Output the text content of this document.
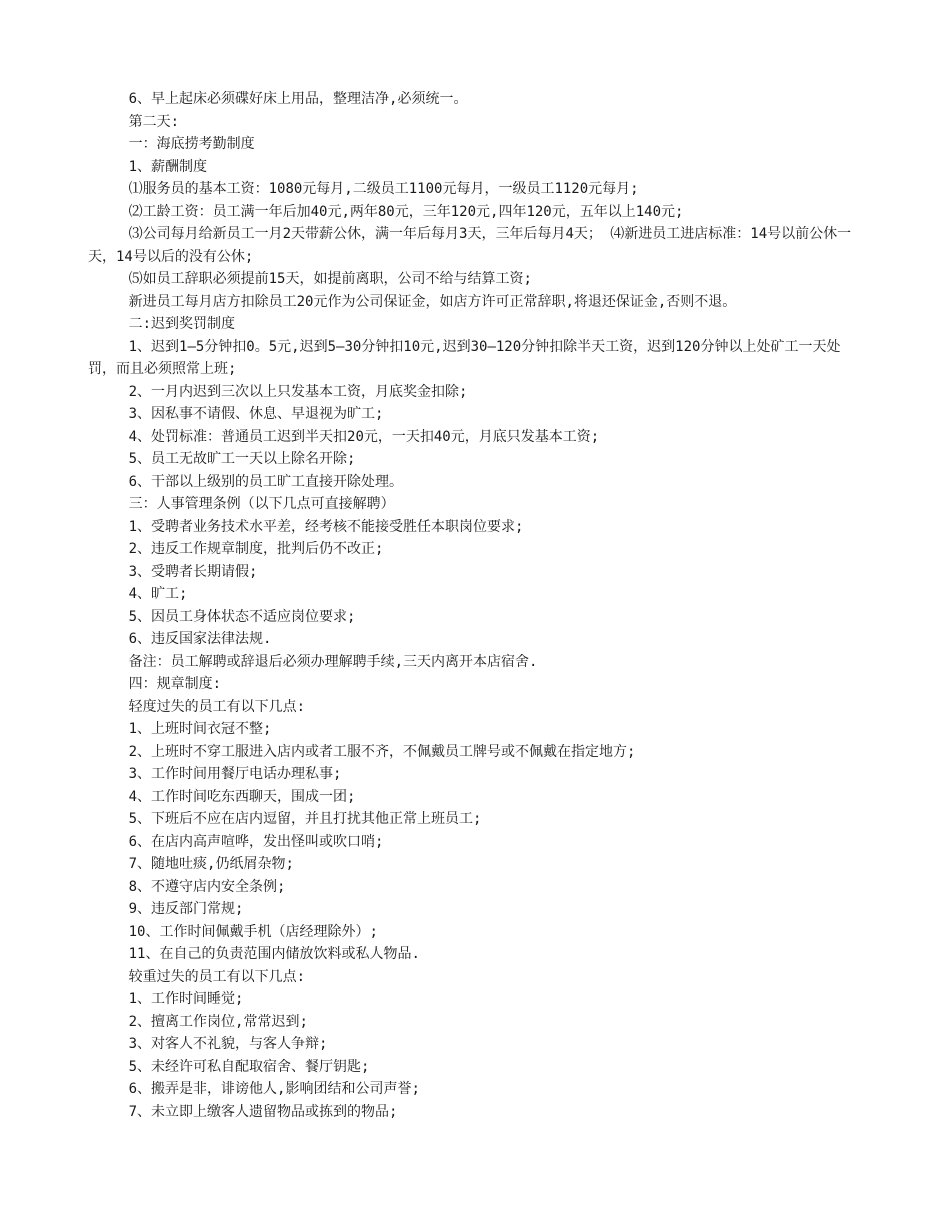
6、早上起床必须碟好床上用品，整理洁净,必须统一。

第二天:

一：海底捞考勤制度

1、薪酬制度

⑴服务员的基本工资：1080元每月,二级员工1100元每月，一级员工1120元每月;

⑵工龄工资：员工满一年后加40元,两年80元，三年120元,四年120元，五年以上140元;

⑶公司每月给新员工一月2天带薪公休，满一年后每月3天，三年后每月4天； ⑷新进员工进店标准：14号以前公休一天，14号以后的没有公休;

⑸如员工辞职必须提前15天，如提前离职，公司不给与结算工资;

新进员工每月店方扣除员工20元作为公司保证金，如店方许可正常辞职,将退还保证金,否则不退。

二:迟到奖罚制度

1、迟到1—5分钟扣0。5元,迟到5—30分钟扣10元,迟到30—120分钟扣除半天工资，迟到120分钟以上处矿工一天处罚，而且必须照常上班;

2、一月内迟到三次以上只发基本工资，月底奖金扣除;

3、因私事不请假、休息、早退视为旷工;

4、处罚标准：普通员工迟到半天扣20元，一天扣40元，月底只发基本工资;

5、员工无故旷工一天以上除名开除;

6、干部以上级别的员工旷工直接开除处理。

三：人事管理条例（以下几点可直接解聘）

1、受聘者业务技术水平差，经考核不能接受胜任本职岗位要求;

2、违反工作规章制度，批判后仍不改正;

3、受聘者长期请假;

4、旷工;

5、因员工身体状态不适应岗位要求;

6、违反国家法律法规.

备注：员工解聘或辞退后必须办理解聘手续,三天内离开本店宿舍.

四：规章制度:

轻度过失的员工有以下几点:

1、上班时间衣冠不整;

2、上班时不穿工服进入店内或者工服不齐，不佩戴员工牌号或不佩戴在指定地方;

3、工作时间用餐厅电话办理私事;

4、工作时间吃东西聊天，围成一团;

5、下班后不应在店内逗留，并且打扰其他正常上班员工;

6、在店内高声喧哗，发出怪叫或吹口哨;

7、随地吐痰,仍纸屑杂物;

8、不遵守店内安全条例;

9、违反部门常规;

10、工作时间佩戴手机（店经理除外）;

11、在自己的负责范围内储放饮料或私人物品.

较重过失的员工有以下几点:

1、工作时间睡觉;

2、擅离工作岗位,常常迟到;

3、对客人不礼貌，与客人争辩;

5、未经许可私自配取宿舍、餐厅钥匙;

6、搬弄是非，诽谤他人,影响团结和公司声誉;

7、未立即上缴客人遗留物品或拣到的物品;
